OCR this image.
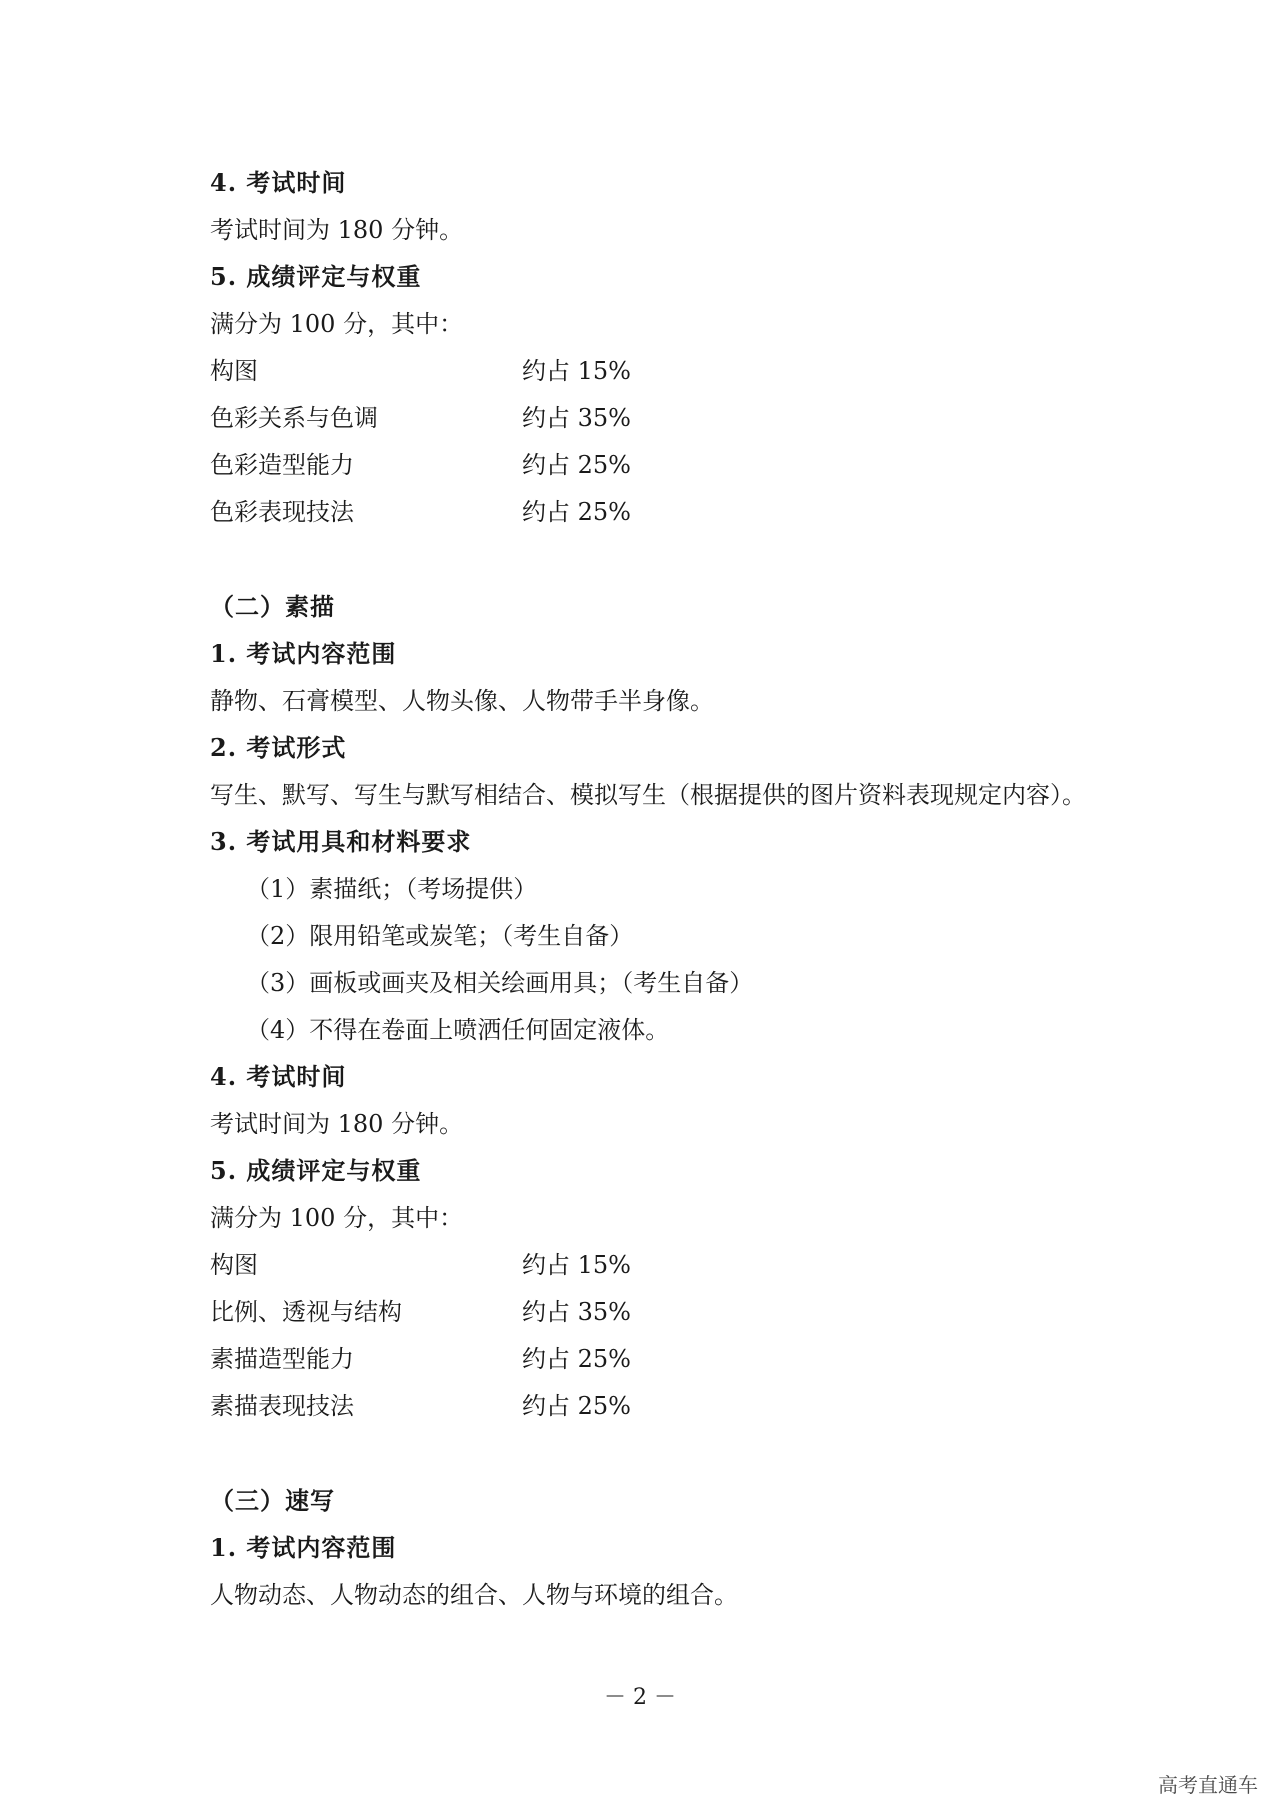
4. 考试时间
考试时间为 180 分钟。
5. 成绩评定与权重
满分为 100 分，其中：
构图	约占 15%
色彩关系与色调	约占 35%
色彩造型能力	约占 25%
色彩表现技法	约占 25%
（二）素描
1. 考试内容范围
静物、石膏模型、人物头像、人物带手半身像。
2. 考试形式
写生、默写、写生与默写相结合、模拟写生（根据提供的图片资料表现规定内容）。
3. 考试用具和材料要求
（1）素描纸；（考场提供）
（2）限用铅笔或炭笔；（考生自备）
（3）画板或画夹及相关绘画用具；（考生自备）
（4）不得在卷面上喷洒任何固定液体。
4. 考试时间
考试时间为 180 分钟。
5. 成绩评定与权重
满分为 100 分，其中：
构图	约占 15%
比例、透视与结构	约占 35%
素描造型能力	约占 25%
素描表现技法	约占 25%
（三）速写
1. 考试内容范围
人物动态、人物动态的组合、人物与环境的组合。
－ 2 －
高考直通车
